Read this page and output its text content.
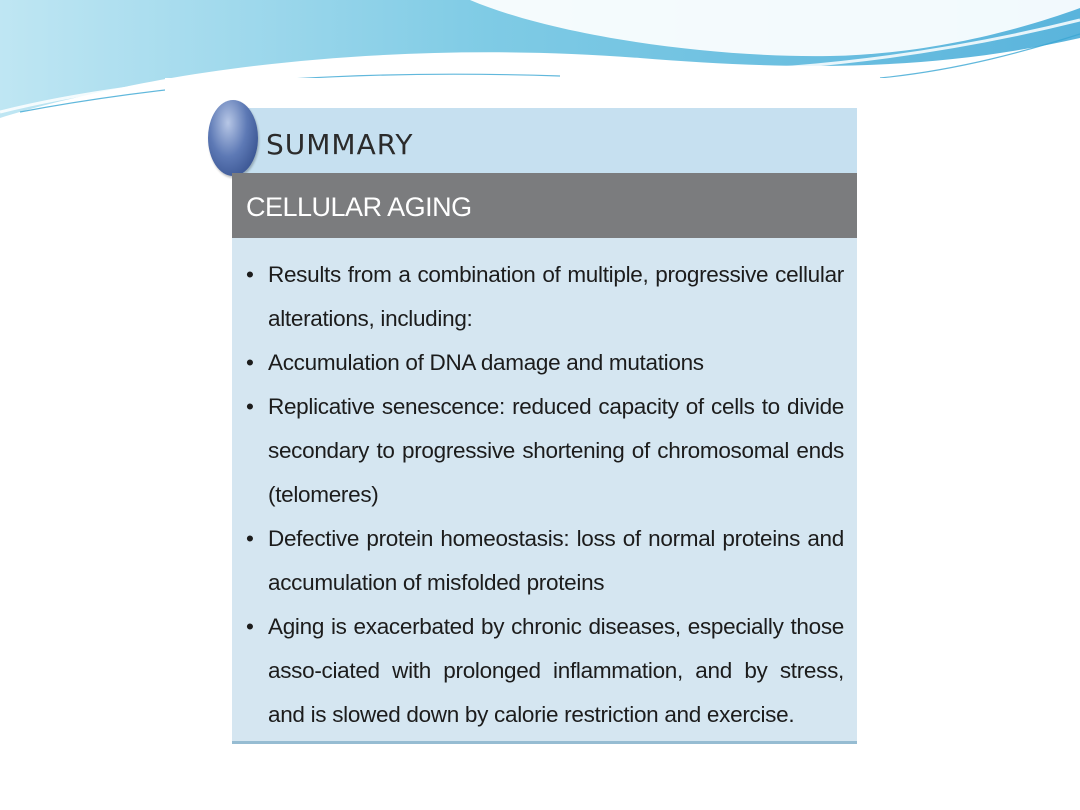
SUMMARY
CELLULAR AGING
• Results from a combination of multiple, progressive cellular alterations, including:
• Accumulation of DNA damage and mutations
• Replicative senescence: reduced capacity of cells to divide secondary to progressive shortening of chromosomal ends (telomeres)
• Defective protein homeostasis: loss of normal proteins and accumulation of misfolded proteins
• Aging is exacerbated by chronic diseases, especially those asso-ciated with prolonged inflammation, and by stress, and is slowed down by calorie restriction and exercise.
